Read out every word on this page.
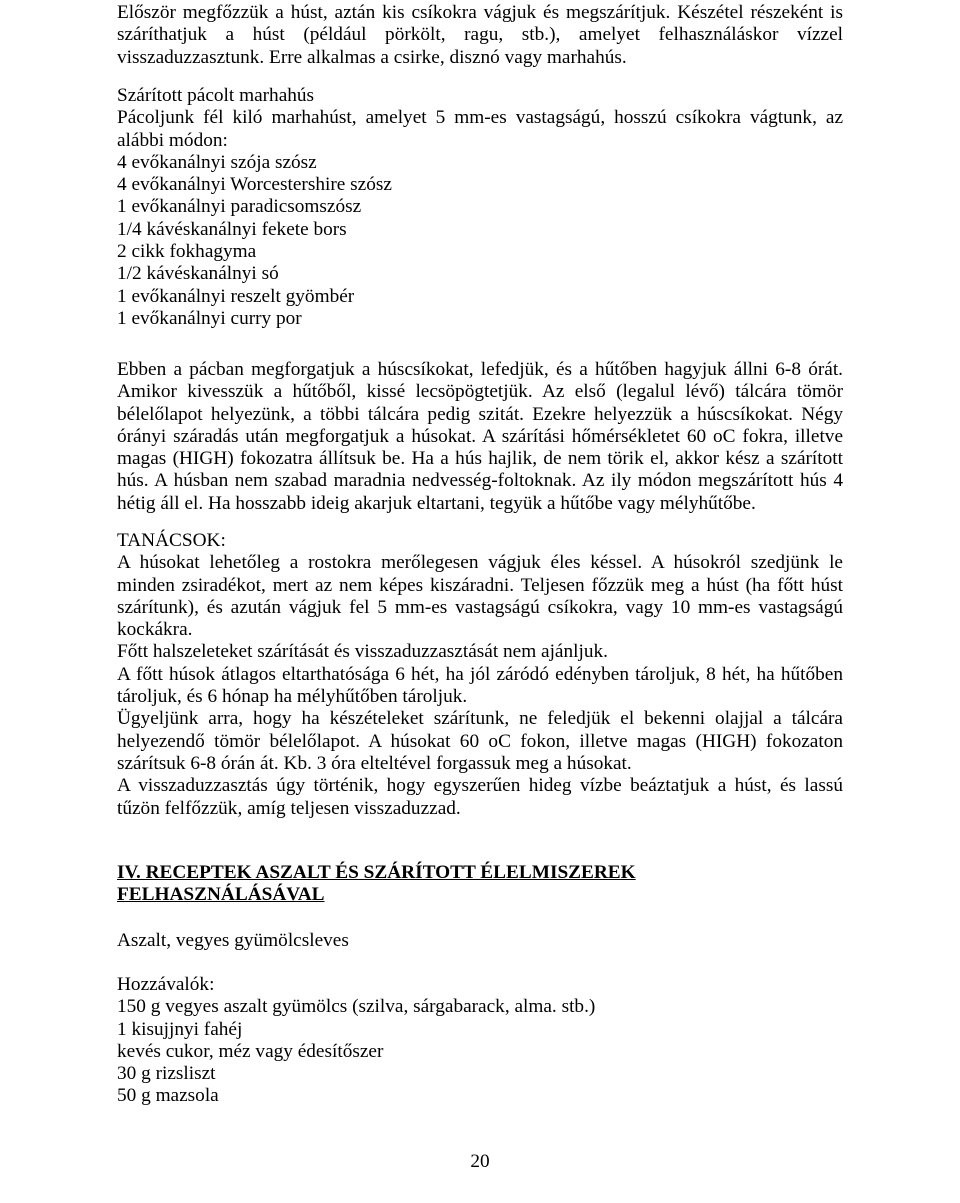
Először megfőzzük a húst, aztán kis csíkokra vágjuk és megszárítjuk. Készétel részeként is
száríthatjuk a húst (például pörkölt, ragu, stb.), amelyet felhasználáskor vízzel
visszaduzzasztunk. Erre alkalmas a csirke, disznó vagy marhahús.
Szárított pácolt marhahús
Pácoljunk fél kiló marhahúst, amelyet 5 mm-es vastagságú, hosszú csíkokra vágtunk, az
alábbi módon:
4 evőkanálnyi szója szósz
4 evőkanálnyi Worcestershire szósz
1 evőkanálnyi paradicsomszósz
1/4 kávéskanálnyi fekete bors
2 cikk fokhagyma
1/2 kávéskanálnyi só
1 evőkanálnyi reszelt gyömbér
1 evőkanálnyi curry por
Ebben a pácban megforgatjuk a húscsíkokat, lefedjük, és a hűtőben hagyjuk állni 6-8 órát.
Amikor kivesszük a hűtőből, kissé lecsöpögtetjük. Az első (legalul lévő) tálcára tömör
bélelőlapot helyezünk, a többi tálcára pedig szitát. Ezekre helyezzük a húscsíkokat. Négy
órányi száradás után megforgatjuk a húsokat. A szárítási hőmérsékletet 60 oC fokra, illetve
magas (HIGH) fokozatra állítsuk be. Ha a hús hajlik, de nem törik el, akkor kész a szárított
hús. A húsban nem szabad maradnia nedvesség-foltoknak. Az ily módon megszárított hús 4
hétig áll el. Ha hosszabb ideig akarjuk eltartani, tegyük a hűtőbe vagy mélyhűtőbe.
TANÁCSOK:
A húsokat lehetőleg a rostokra merőlegesen vágjuk éles késsel. A húsokról szedjünk le
minden zsiradékot, mert az nem képes kiszáradni. Teljesen főzzük meg a húst (ha főtt húst
szárítunk), és azután vágjuk fel 5 mm-es vastagságú csíkokra, vagy 10 mm-es vastagságú
kockákra.
Főtt halszeleteket szárítását és visszaduzzasztását nem ajánljuk.
A főtt húsok átlagos eltarthatósága 6 hét, ha jól záródó edényben tároljuk, 8 hét, ha hűtőben
tároljuk, és 6 hónap ha mélyhűtőben tároljuk.
Ügyeljünk arra, hogy ha készételeket szárítunk, ne feledjük el bekenni olajjal a tálcára
helyezendő tömör bélelőlapot. A húsokat 60 oC fokon, illetve magas (HIGH) fokozaton
szárítsuk 6-8 órán át. Kb. 3 óra elteltével forgassuk meg a húsokat.
A visszaduzzasztás úgy történik, hogy egyszerűen hideg vízbe beáztatjuk a húst, és lassú
tűzön felfőzzük, amíg teljesen visszaduzzad.
IV. RECEPTEK ASZALT ÉS SZÁRÍTOTT ÉLELMISZEREK FELHASZNÁLÁSÁVAL
Aszalt, vegyes gyümölcsleves
Hozzávalók:
150 g vegyes aszalt gyümölcs (szilva, sárgabarack, alma. stb.)
1 kisujjnyi fahéj
kevés cukor, méz vagy édesítőszer
30 g rizsliszt
50 g mazsola
20
